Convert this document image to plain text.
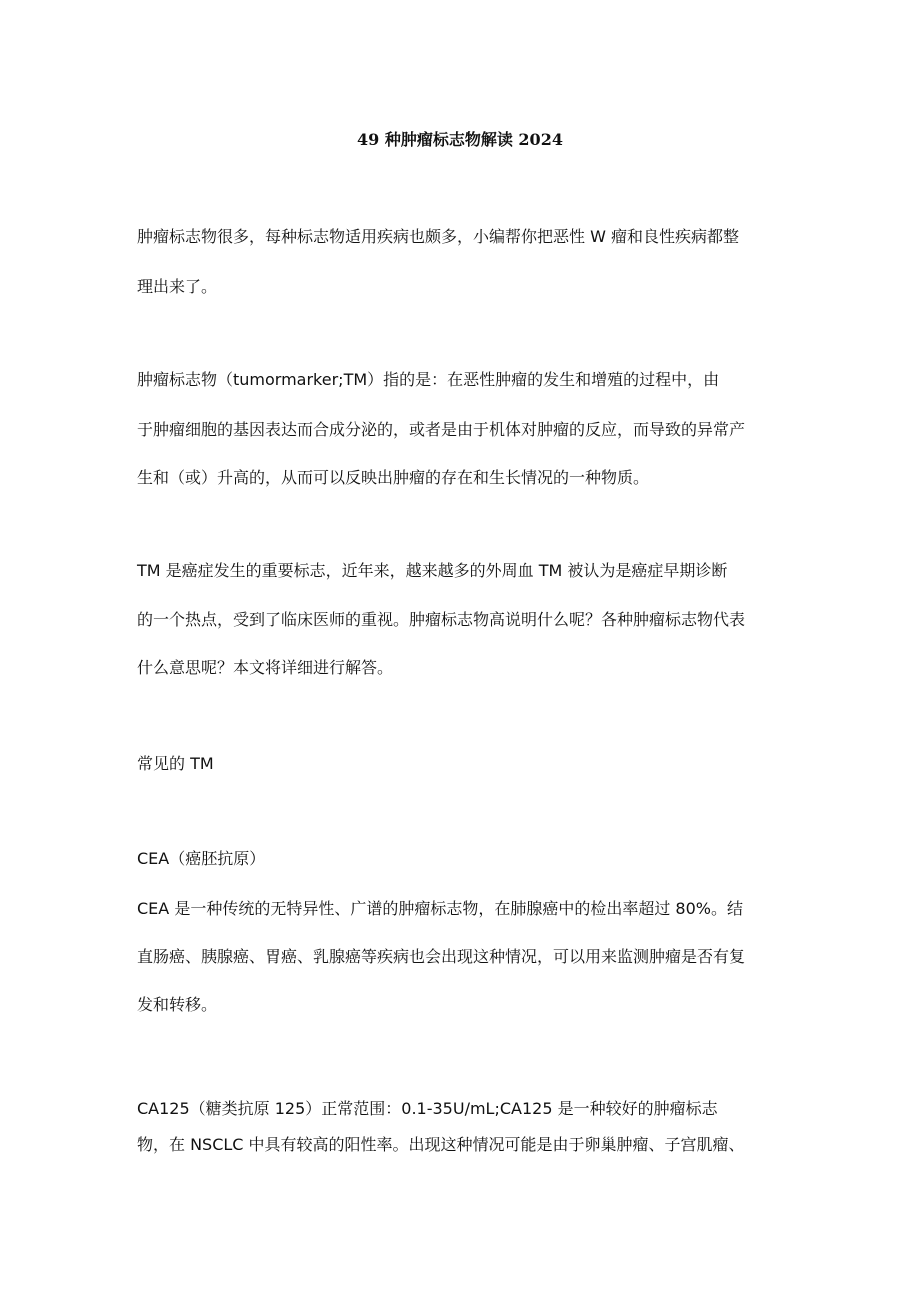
49 种肿瘤标志物解读 2024
肿瘤标志物很多，每种标志物适用疾病也颇多，小编帮你把恶性 W 瘤和良性疾病都整
理出来了。
肿瘤标志物（tumormarker;TM）指的是：在恶性肿瘤的发生和增殖的过程中，由
于肿瘤细胞的基因表达而合成分泌的，或者是由于机体对肿瘤的反应，而导致的异常产
生和（或）升高的，从而可以反映出肿瘤的存在和生长情况的一种物质。
TM 是癌症发生的重要标志，近年来，越来越多的外周血 TM 被认为是癌症早期诊断
的一个热点，受到了临床医师的重视。肿瘤标志物高说明什么呢？各种肿瘤标志物代表
什么意思呢？本文将详细进行解答。
常见的 TM
CEA（癌胚抗原）
CEA 是一种传统的无特异性、广谱的肿瘤标志物，在肺腺癌中的检出率超过 80%。结
直肠癌、胰腺癌、胃癌、乳腺癌等疾病也会出现这种情况，可以用来监测肿瘤是否有复
发和转移。
CA125（糖类抗原 125）正常范围：0.1-35U/mL;CA125 是一种较好的肿瘤标志
物，在 NSCLC 中具有较高的阳性率。出现这种情况可能是由于卵巢肿瘤、子宫肌瘤、
